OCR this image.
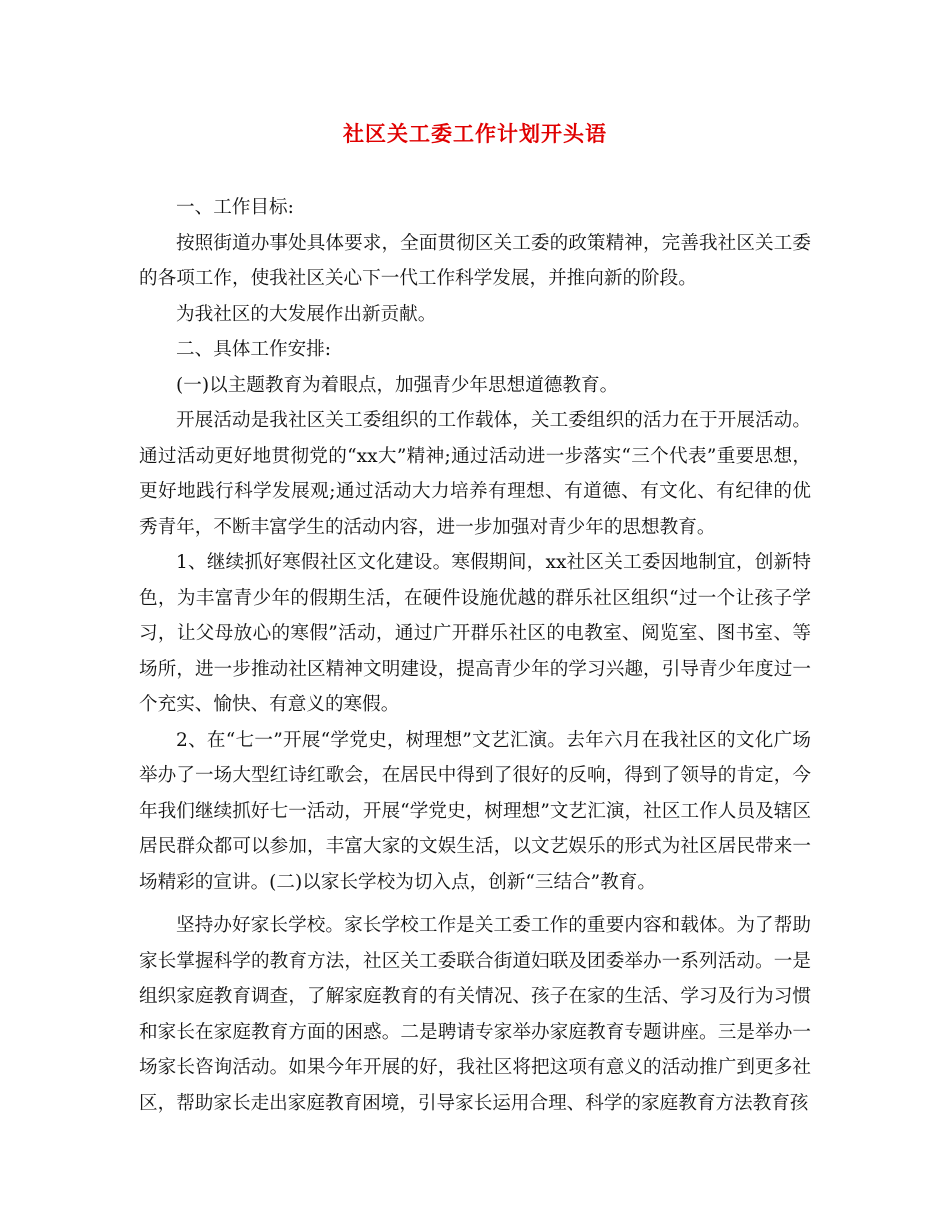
社区关工委工作计划开头语

一、工作目标:

按照街道办事处具体要求，全面贯彻区关工委的政策精神，完善我社区关工委的各项工作，使我社区关心下一代工作科学发展，并推向新的阶段。

为我社区的大发展作出新贡献。

二、具体工作安排:

(一)以主题教育为着眼点，加强青少年思想道德教育。

开展活动是我社区关工委组织的工作载体，关工委组织的活力在于开展活动。通过活动更好地贯彻党的“xx大”精神;通过活动进一步落实“三个代表”重要思想，更好地践行科学发展观;通过活动大力培养有理想、有道德、有文化、有纪律的优秀青年，不断丰富学生的活动内容，进一步加强对青少年的思想教育。

1、继续抓好寒假社区文化建设。寒假期间，xx社区关工委因地制宜，创新特色，为丰富青少年的假期生活，在硬件设施优越的群乐社区组织“过一个让孩子学习，让父母放心的寒假”活动，通过广开群乐社区的电教室、阅览室、图书室、等场所，进一步推动社区精神文明建设，提高青少年的学习兴趣，引导青少年度过一个充实、愉快、有意义的寒假。

2、在“七一”开展“学党史，树理想”文艺汇演。去年六月在我社区的文化广场举办了一场大型红诗红歌会，在居民中得到了很好的反响，得到了领导的肯定，今年我们继续抓好七一活动，开展“学党史，树理想”文艺汇演，社区工作人员及辖区居民群众都可以参加，丰富大家的文娱生活，以文艺娱乐的形式为社区居民带来一场精彩的宣讲。(二)以家长学校为切入点，创新“三结合”教育。

坚持办好家长学校。家长学校工作是关工委工作的重要内容和载体。为了帮助家长掌握科学的教育方法，社区关工委联合街道妇联及团委举办一系列活动。一是组织家庭教育调查，了解家庭教育的有关情况、孩子在家的生活、学习及行为习惯和家长在家庭教育方面的困惑。二是聘请专家举办家庭教育专题讲座。三是举办一场家长咨询活动。如果今年开展的好，我社区将把这项有意义的活动推广到更多社区，帮助家长走出家庭教育困境，引导家长运用合理、科学的家庭教育方法教育孩
